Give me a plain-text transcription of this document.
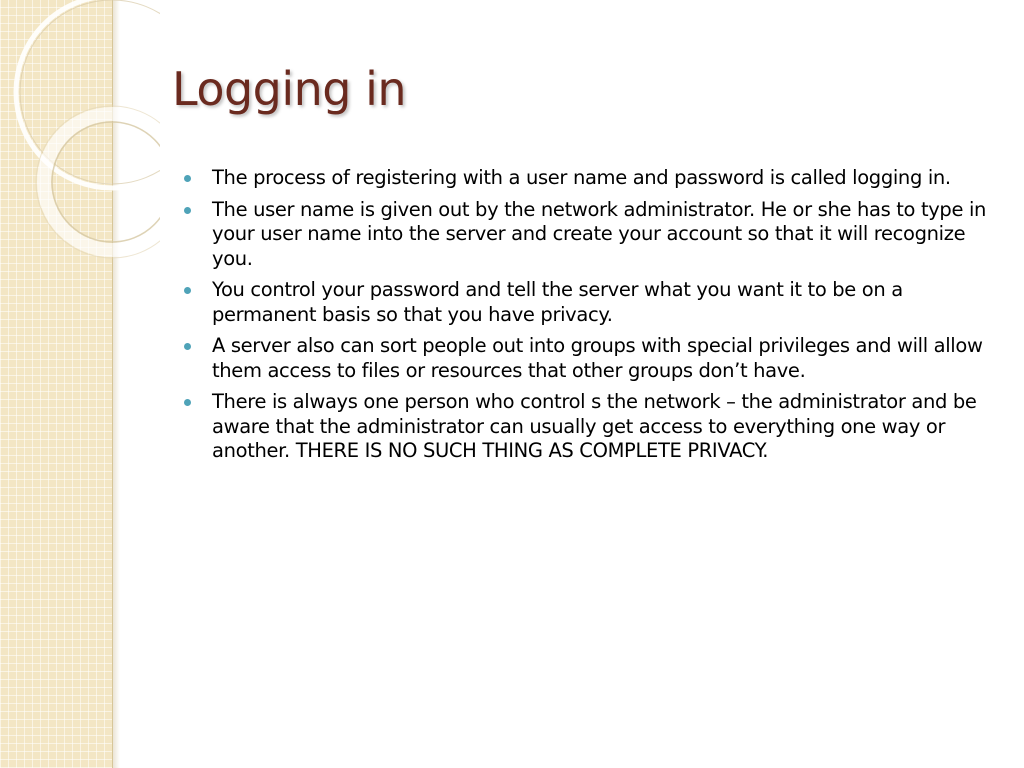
Logging in
The process of registering with a user name and password is called logging in.
The user name is given out by the network administrator. He or she has to type in your user name into the server and create your account so that it will recognize you.
You control your password and tell the server what you want it to be on a permanent basis so that you have privacy.
A server also can sort people out into groups with special privileges and will allow them access to files or resources that other groups don’t have.
There is always one person who control s the network – the administrator and be aware that the administrator can usually get access to everything one way or another. THERE IS NO SUCH THING AS COMPLETE PRIVACY.
